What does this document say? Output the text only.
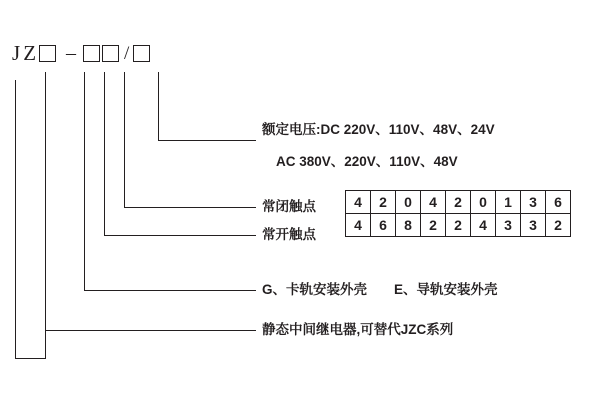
J Z –	/
额定电压:DC 220V、110V、48V、24V
AC 380V、220V、110V、48V
常闭触点
常开触点
G、卡轨安装外壳　　E、导轨安装外壳
静态中间继电器,可替代JZC系列
4	2	0	4	2	0	1	3	6
4	6	8	2	2	4	3	3	2
